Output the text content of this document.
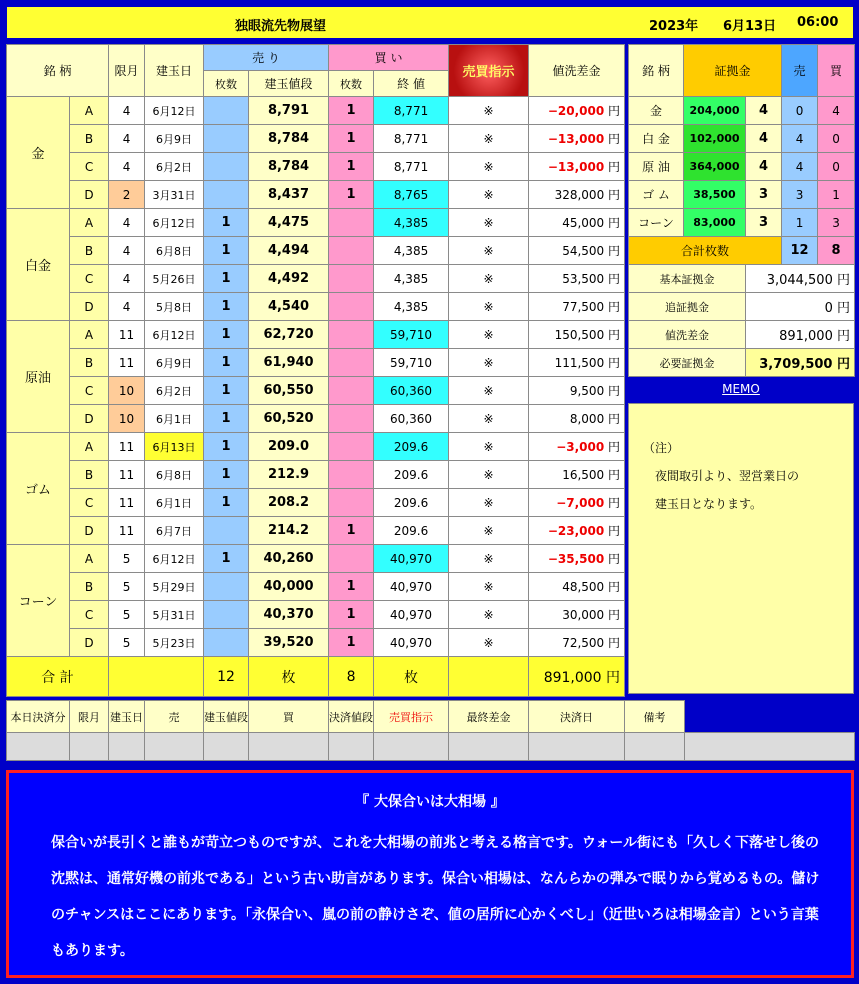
独眼流先物展望	2023年 6月13日 06:00
銘 柄		限月	建玉日	売 り		買 い		売買指示	値洗差金
				枚数	建玉値段	枚数	終 値		
金	A	4	6月12日		8,791	1	8,771	※	−20,000 円
	B	4	6月9日		8,784	1	8,771	※	−13,000 円
	C	4	6月2日		8,784	1	8,771	※	−13,000 円
	D	2	3月31日		8,437	1	8,765	※	328,000 円
白金	A	4	6月12日	1	4,475		4,385	※	45,000 円
	B	4	6月8日	1	4,494		4,385	※	54,500 円
	C	4	5月26日	1	4,492		4,385	※	53,500 円
	D	4	5月8日	1	4,540		4,385	※	77,500 円
原油	A	11	6月12日	1	62,720		59,710	※	150,500 円
	B	11	6月9日	1	61,940		59,710	※	111,500 円
	C	10	6月2日	1	60,550		60,360	※	9,500 円
	D	10	6月1日	1	60,520		60,360	※	8,000 円
ゴム	A	11	6月13日	1	209.0		209.6	※	−3,000 円
	B	11	6月8日	1	212.9		209.6	※	16,500 円
	C	11	6月1日	1	208.2		209.6	※	−7,000 円
	D	11	6月7日		214.2	1	209.6	※	−23,000 円
コーン	A	5	6月12日	1	40,260		40,970	※	−35,500 円
	B	5	5月29日		40,000	1	40,970	※	48,500 円
	C	5	5月31日		40,370	1	40,970	※	30,000 円
	D	5	5月23日		39,520	1	40,970	※	72,500 円
合 計				12	枚	8	枚		891,000 円
銘 柄	証拠金		売	買
金	204,000	4	0	4
白 金	102,000	4	4	0
原 油	364,000	4	4	0
ゴ ム	38,500	3	3	1
コーン	83,000	3	1	3
合計枚数			12	8
基本証拠金		3,044,500 円		
追証拠金		0 円		
値洗差金		891,000 円		
必要証拠金		3,709,500 円		
MEMO
（注）
　夜間取引より、翌営業日の
　建玉日となります。
本日決済分	限月	建玉日	売	建玉値段	買	決済値段	売買指示	最終差金	決済日	備考	

『 大保合いは大相場 』
保合いが長引くと誰もが苛立つものですが、これを大相場の前兆と考える格言です。ウォール街にも「久しく下落せし後の沈黙は、通常好機の前兆である」という古い助言があります。保合い相場は、なんらかの弾みで眠りから覚めるもの。儲けのチャンスはここにあります。「永保合い、嵐の前の静けさぞ、値の居所に心かくべし」（近世いろは相場金言）という言葉もあります。
